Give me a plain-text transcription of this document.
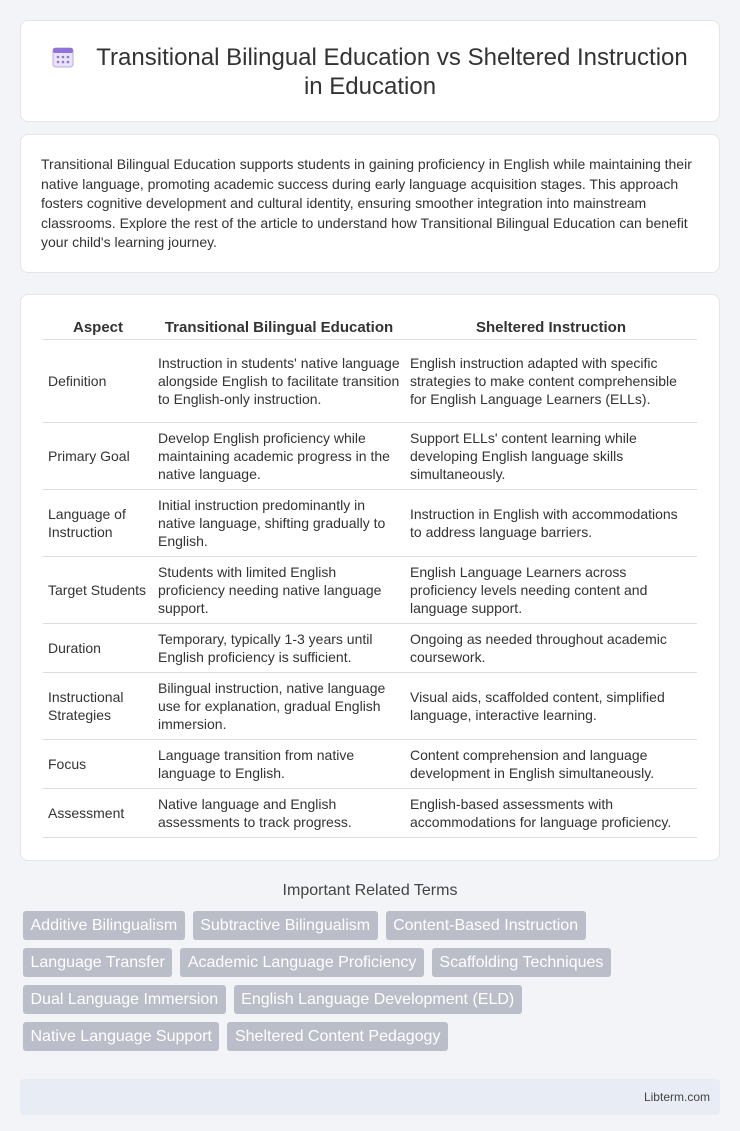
Transitional Bilingual Education vs Sheltered Instruction in Education

Transitional Bilingual Education supports students in gaining proficiency in English while maintaining their native language, promoting academic success during early language acquisition stages. This approach fosters cognitive development and cultural identity, ensuring smoother integration into mainstream classrooms. Explore the rest of the article to understand how Transitional Bilingual Education can benefit your child's learning journey.

Aspect	Transitional Bilingual Education	Sheltered Instruction
Definition	Instruction in students' native language alongside English to facilitate transition to English-only instruction.	English instruction adapted with specific strategies to make content comprehensible for English Language Learners (ELLs).
Primary Goal	Develop English proficiency while maintaining academic progress in the native language.	Support ELLs' content learning while developing English language skills simultaneously.
Language of Instruction	Initial instruction predominantly in native language, shifting gradually to English.	Instruction in English with accommodations to address language barriers.
Target Students	Students with limited English proficiency needing native language support.	English Language Learners across proficiency levels needing content and language support.
Duration	Temporary, typically 1-3 years until English proficiency is sufficient.	Ongoing as needed throughout academic coursework.
Instructional Strategies	Bilingual instruction, native language use for explanation, gradual English immersion.	Visual aids, scaffolded content, simplified language, interactive learning.
Focus	Language transition from native language to English.	Content comprehension and language development in English simultaneously.
Assessment	Native language and English assessments to track progress.	English-based assessments with accommodations for language proficiency.
Important Related Terms
Additive Bilingualism	Subtractive Bilingualism	Content-Based Instruction
Language Transfer	Academic Language Proficiency	Scaffolding Techniques
Dual Language Immersion	English Language Development (ELD)
Native Language Support	Sheltered Content Pedagogy
Libterm.com
